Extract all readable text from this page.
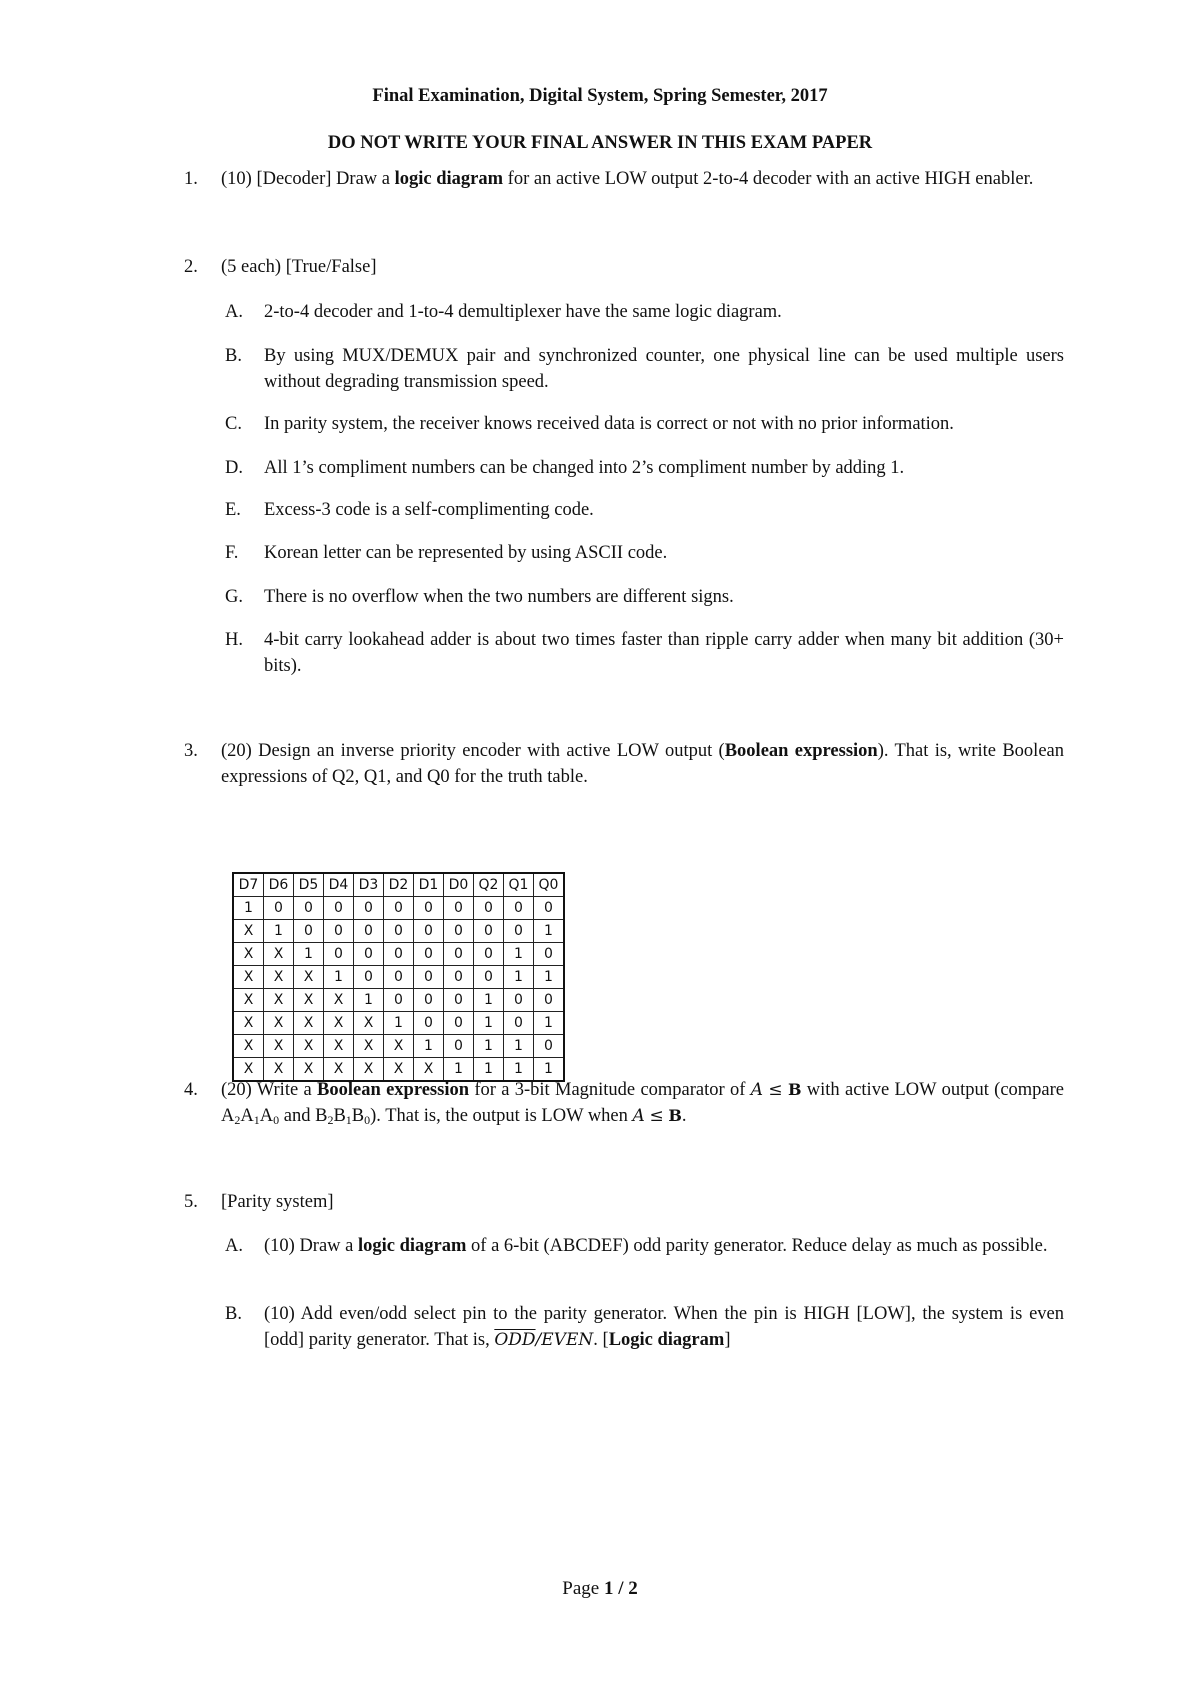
Final Examination, Digital System, Spring Semester, 2017
DO NOT WRITE YOUR FINAL ANSWER IN THIS EXAM PAPER
1. (10) [Decoder] Draw a logic diagram for an active LOW output 2-to-4 decoder with an active HIGH enabler.
2. (5 each) [True/False]
A. 2-to-4 decoder and 1-to-4 demultiplexer have the same logic diagram.
B. By using MUX/DEMUX pair and synchronized counter, one physical line can be used multiple users without degrading transmission speed.
C. In parity system, the receiver knows received data is correct or not with no prior information.
D. All 1’s compliment numbers can be changed into 2’s compliment number by adding 1.
E. Excess-3 code is a self-complimenting code.
F. Korean letter can be represented by using ASCII code.
G. There is no overflow when the two numbers are different signs.
H. 4-bit carry lookahead adder is about two times faster than ripple carry adder when many bit addition (30+ bits).
3. (20) Design an inverse priority encoder with active LOW output (Boolean expression). That is, write Boolean expressions of Q2, Q1, and Q0 for the truth table.
D7	D6	D5	D4	D3	D2	D1	D0	Q2	Q1	Q0
1	0	0	0	0	0	0	0	0	0	0
X	1	0	0	0	0	0	0	0	0	1
X	X	1	0	0	0	0	0	0	1	0
X	X	X	1	0	0	0	0	0	1	1
X	X	X	X	1	0	0	0	1	0	0
X	X	X	X	X	1	0	0	1	0	1
X	X	X	X	X	X	1	0	1	1	0
X	X	X	X	X	X	X	1	1	1	1
4. (20) Write a Boolean expression for a 3-bit Magnitude comparator of A ≤ B with active LOW output (compare $A_2A_1A_0$ and $B_2B_1B_0$). That is, the output is LOW when A ≤ B.
5. [Parity system]
A. (10) Draw a logic diagram of a 6-bit (ABCDEF) odd parity generator. Reduce delay as much as possible.
B. (10) Add even/odd select pin to the parity generator. When the pin is HIGH [LOW], the system is even [odd] parity generator. That is, $\overline{ODD}$/EVEN. [Logic diagram]
Page 1 / 2
